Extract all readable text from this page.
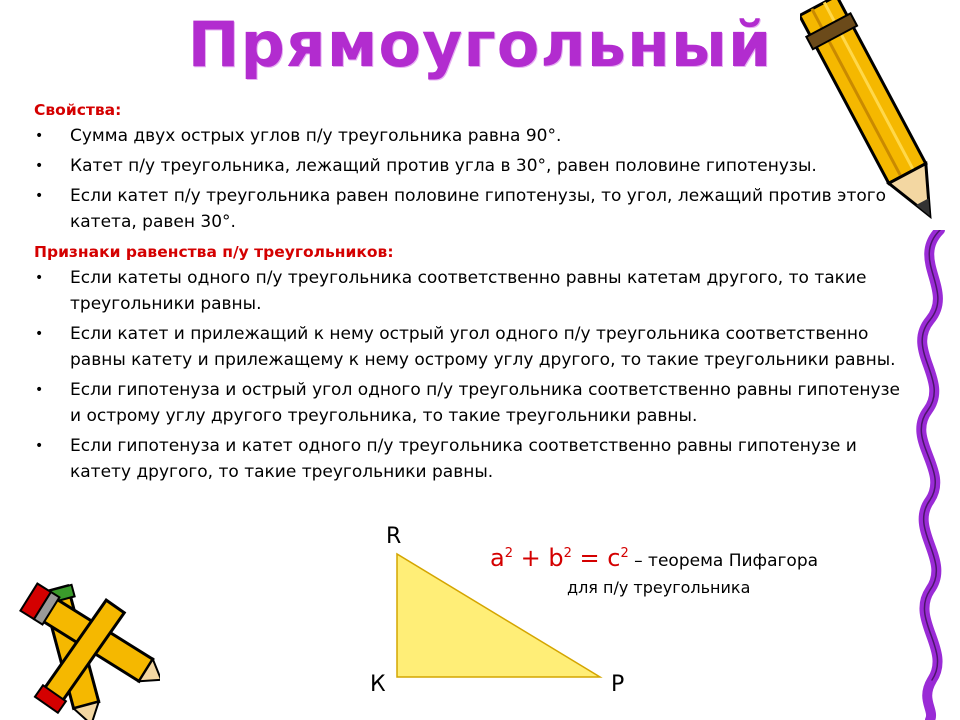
Прямоугольный
Свойства:
• Сумма двух острых углов п/у треугольника равна 90°.
• Катет п/у треугольника, лежащий против угла в 30°, равен половине гипотенузы.
• Если катет п/у треугольника равен половине гипотенузы, то угол, лежащий против этого катета, равен 30°.
Признаки равенства п/у треугольников:
• Если катеты одного п/у треугольника соответственно равны катетам другого, то такие треугольники равны.
• Если катет и прилежащий к нему острый угол одного п/у треугольника соответственно равны катету и прилежащему к нему острому углу другого, то такие треугольники равны.
• Если гипотенуза и острый угол одного п/у треугольника соответственно равны гипотенузе и острому углу другого треугольника, то такие треугольники равны.
• Если гипотенуза и катет одного п/у треугольника соответственно равны гипотенузе и катету другого, то такие треугольники равны.
R
К	P
$a^2 + b^2 = c^2$ – теорема Пифагора
для п/у треугольника
